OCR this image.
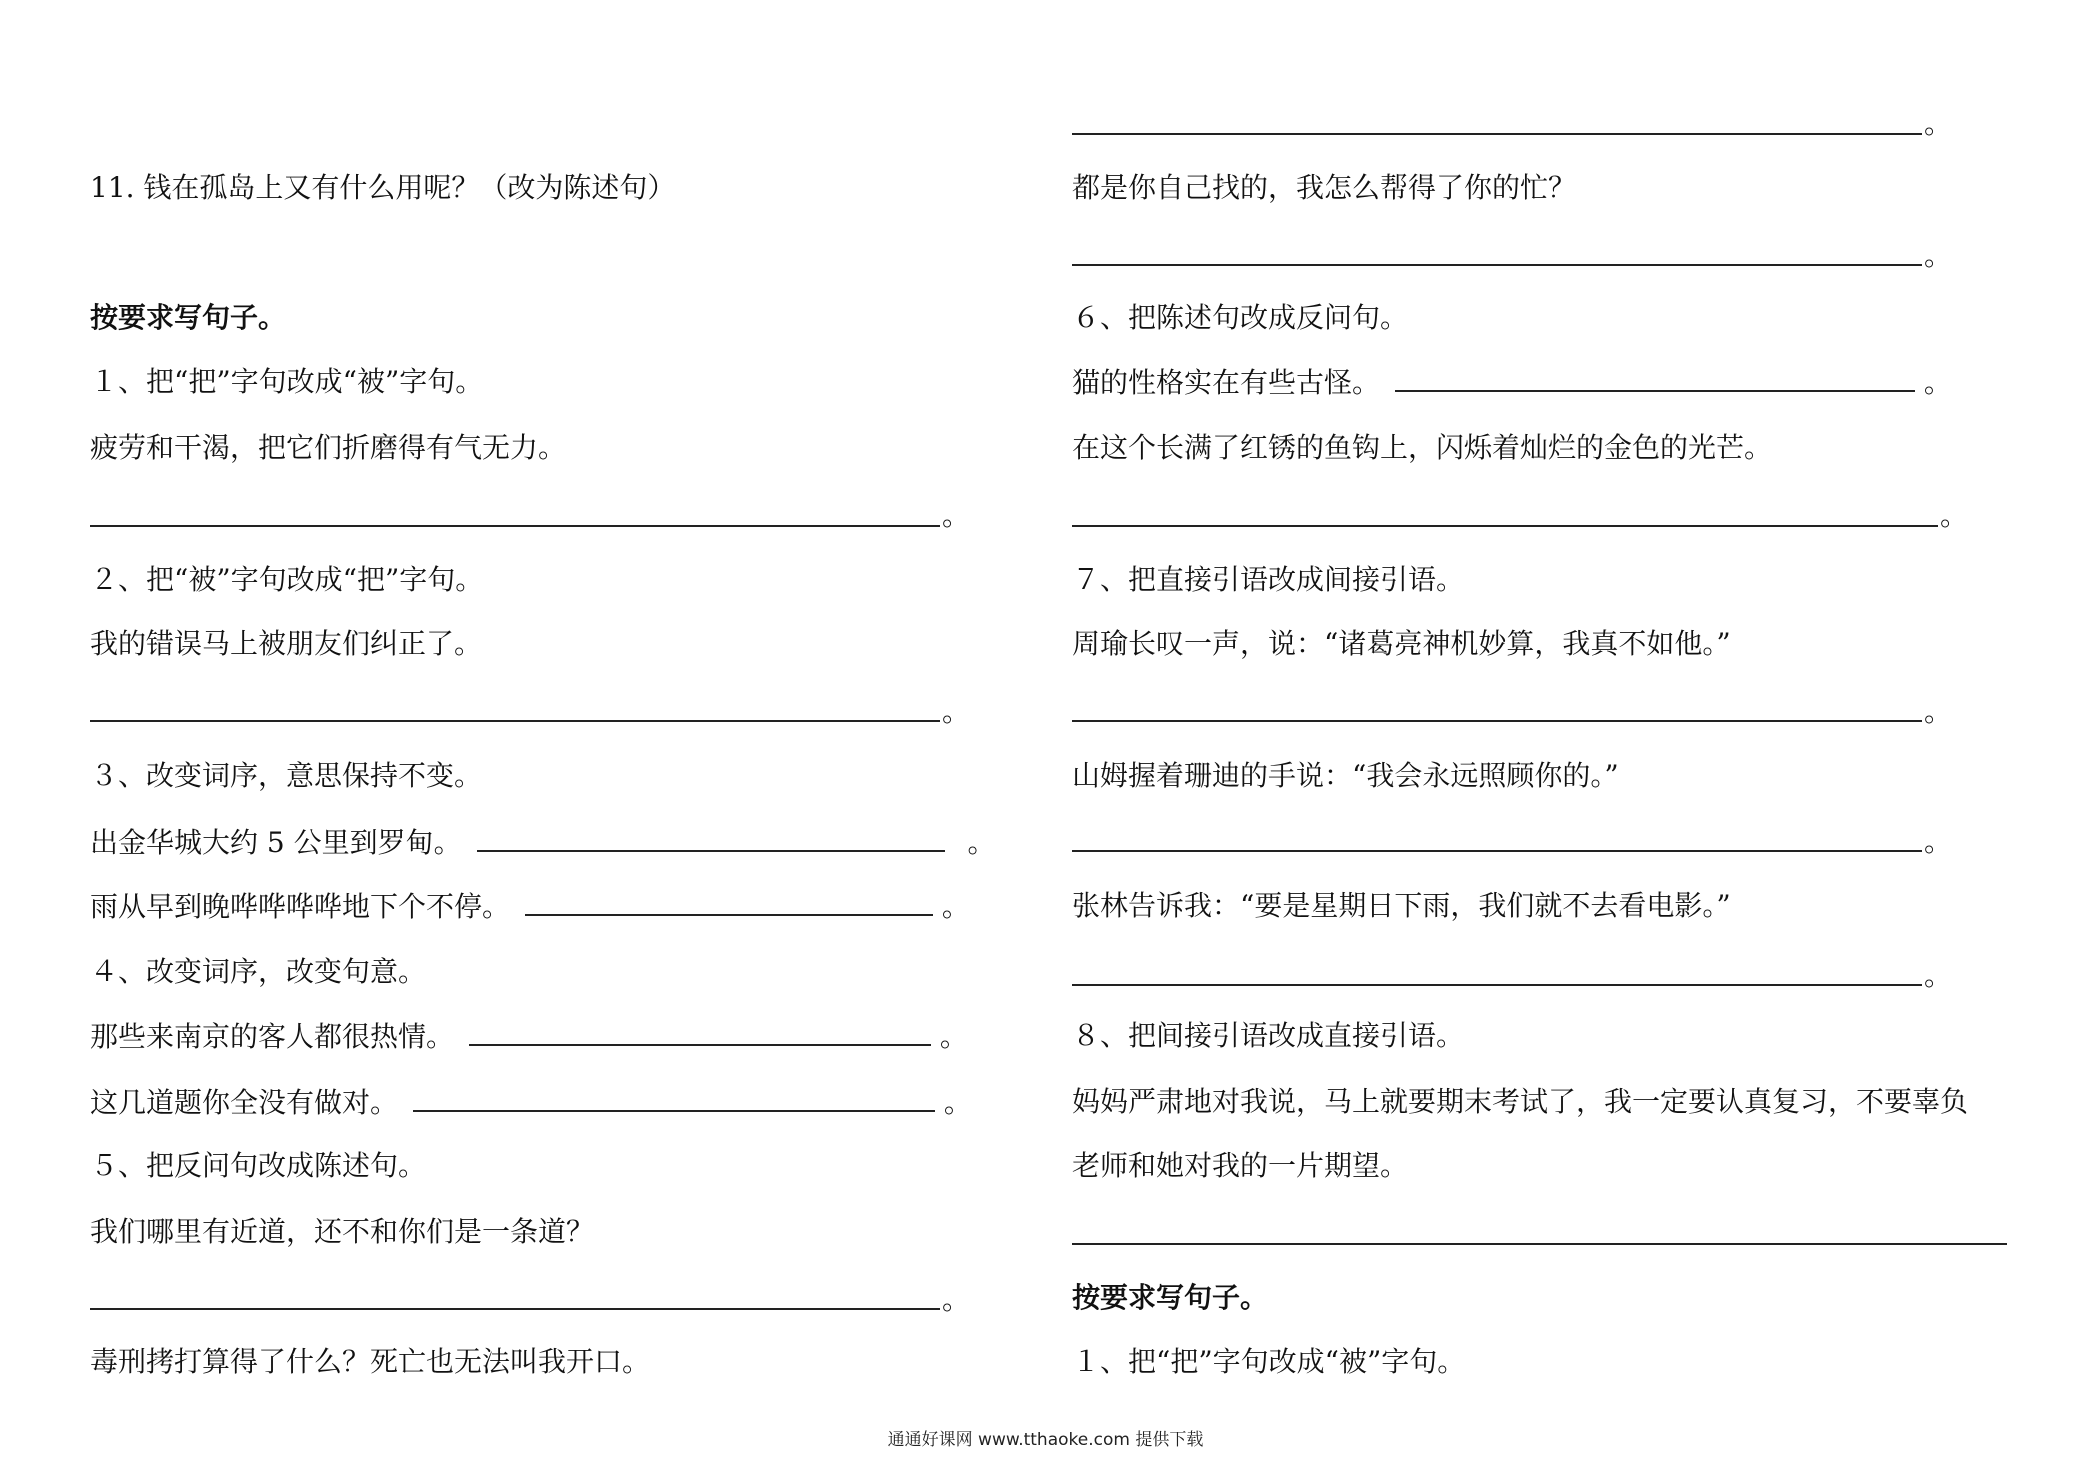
11. 钱在孤岛上又有什么用呢？（改为陈述句）
按要求写句子。
１、把“把”字句改成“被”字句。
疲劳和干渴，把它们折磨得有气无力。
。
２、把“被”字句改成“把”字句。
我的错误马上被朋友们纠正了。
。
３、改变词序，意思保持不变。
出金华城大约 5 公里到罗甸。	。
雨从早到晚哗哗哗哗地下个不停。	。
４、改变词序，改变句意。
那些来南京的客人都很热情。	。
这几道题你全没有做对。	。
５、把反问句改成陈述句。
我们哪里有近道，还不和你们是一条道？
。
毒刑拷打算得了什么？死亡也无法叫我开口。
。
都是你自己找的，我怎么帮得了你的忙？
。
６、把陈述句改成反问句。
猫的性格实在有些古怪。	。
在这个长满了红锈的鱼钩上，闪烁着灿烂的金色的光芒。
。
７、把直接引语改成间接引语。
周瑜长叹一声，说：“诸葛亮神机妙算，我真不如他。”
。
山姆握着珊迪的手说：“我会永远照顾你的。”
。
张林告诉我：“要是星期日下雨，我们就不去看电影。”
。
８、把间接引语改成直接引语。
妈妈严肃地对我说，马上就要期末考试了，我一定要认真复习，不要辜负
老师和她对我的一片期望。
按要求写句子。
１、把“把”字句改成“被”字句。
通通好课网 www.tthaoke.com 提供下载
